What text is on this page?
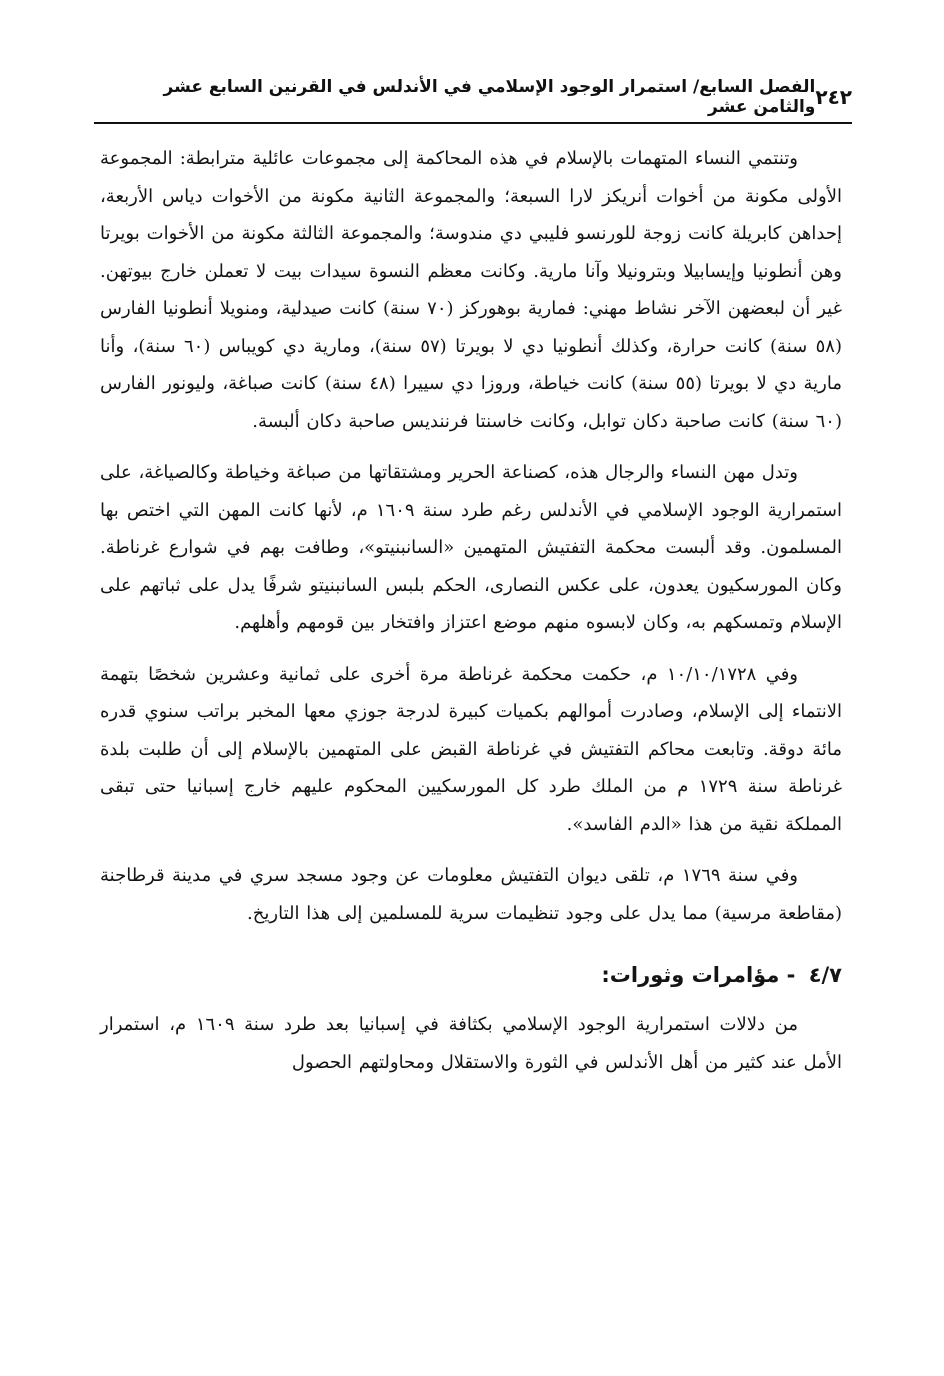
٢٤٢
الفصل السابع/ استمرار الوجود الإسلامي في الأندلس في القرنين السابع عشر والثامن عشر

وتنتمي النساء المتهمات بالإسلام في هذه المحاكمة إلى مجموعات عائلية مترابطة: المجموعة الأولى مكونة من أخوات أنريكز لارا السبعة؛ والمجموعة الثانية مكونة من الأخوات دياس الأربعة، إحداهن كابريلة كانت زوجة للورنسو فليبي دي مندوسة؛ والمجموعة الثالثة مكونة من الأخوات بويرتا وهن أنطونيا وإيسابيلا وبترونيلا وآنا مارية. وكانت معظم النسوة سيدات بيت لا تعملن خارج بيوتهن. غير أن لبعضهن الآخر نشاط مهني: فمارية بوهوركز (٧٠ سنة) كانت صيدلية، ومنويلا أنطونيا الفارس (٥٨ سنة) كانت حرارة، وكذلك أنطونيا دي لا بويرتا (٥٧ سنة)، ومارية دي كويباس (٦٠ سنة)، وأنا مارية دي لا بويرتا (٥٥ سنة) كانت خياطة، وروزا دي سييرا (٤٨ سنة) كانت صباغة، وليونور الفارس (٦٠ سنة) كانت صاحبة دكان توابل، وكانت خاسنتا فرننديس صاحبة دكان ألبسة.

وتدل مهن النساء والرجال هذه، كصناعة الحرير ومشتقاتها من صباغة وخياطة وكالصياغة، على استمرارية الوجود الإسلامي في الأندلس رغم طرد سنة ١٦٠٩ م، لأنها كانت المهن التي اختص بها المسلمون. وقد ألبست محكمة التفتيش المتهمين «السانبنيتو»، وطافت بهم في شوارع غرناطة. وكان المورسكيون يعدون، على عكس النصارى، الحكم بلبس السانبنيتو شرفًا يدل على ثباتهم على الإسلام وتمسكهم به، وكان لابسوه منهم موضع اعتزاز وافتخار بين قومهم وأهلهم.

وفي ١٠/١٠/١٧٢٨ م، حكمت محكمة غرناطة مرة أخرى على ثمانية وعشرين شخصًا بتهمة الانتماء إلى الإسلام، وصادرت أموالهم بكميات كبيرة لدرجة جوزي معها المخبر براتب سنوي قدره مائة دوقة. وتابعت محاكم التفتيش في غرناطة القبض على المتهمين بالإسلام إلى أن طلبت بلدة غرناطة سنة ١٧٢٩ م من الملك طرد كل المورسكيين المحكوم عليهم خارج إسبانيا حتى تبقى المملكة نقية من هذا «الدم الفاسد».

وفي سنة ١٧٦٩ م، تلقى ديوان التفتيش معلومات عن وجود مسجد سري في مدينة قرطاجنة (مقاطعة مرسية) مما يدل على وجود تنظيمات سرية للمسلمين إلى هذا التاريخ.

٤/٧ - مؤامرات وثورات:

من دلالات استمرارية الوجود الإسلامي بكثافة في إسبانيا بعد طرد سنة ١٦٠٩ م، استمرار الأمل عند كثير من أهل الأندلس في الثورة والاستقلال ومحاولتهم الحصول
